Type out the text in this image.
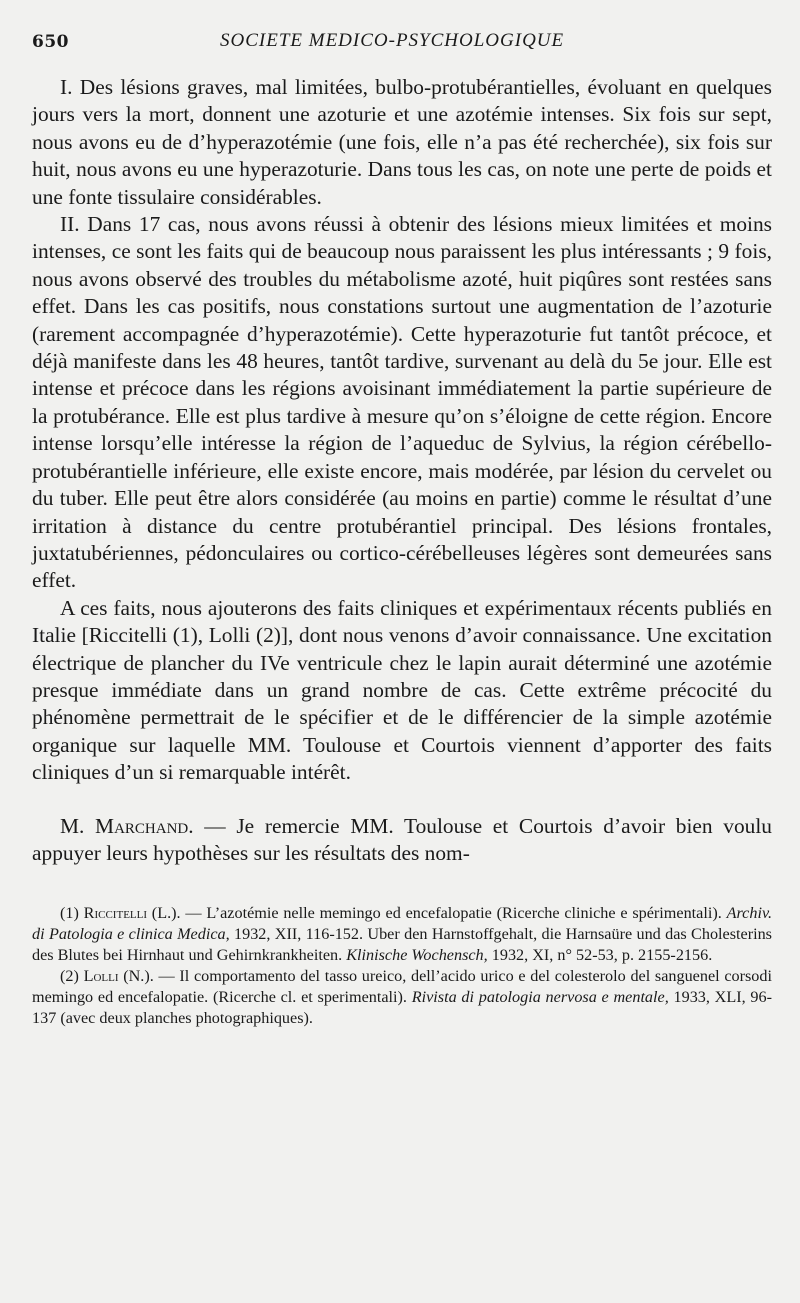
650	SOCIETE MEDICO-PSYCHOLOGIQUE

I. Des lésions graves, mal limitées, bulbo-protubérantielles, évoluant en quelques jours vers la mort, donnent une azoturie et une azotémie intenses. Six fois sur sept, nous avons eu de d’hyperazotémie (une fois, elle n’a pas été recherchée), six fois sur huit, nous avons eu une hyperazoturie. Dans tous les cas, on note une perte de poids et une fonte tissulaire considérables.

II. Dans 17 cas, nous avons réussi à obtenir des lésions mieux limitées et moins intenses, ce sont les faits qui de beaucoup nous paraissent les plus intéressants ; 9 fois, nous avons observé des troubles du métabolisme azoté, huit piqûres sont restées sans effet. Dans les cas positifs, nous constations surtout une augmentation de l’azoturie (rarement accompagnée d’hyperazotémie). Cette hyperazoturie fut tantôt précoce, et déjà manifeste dans les 48 heures, tantôt tardive, survenant au delà du 5e jour. Elle est intense et précoce dans les régions avoisinant immédiatement la partie supérieure de la protubérance. Elle est plus tardive à mesure qu’on s’éloigne de cette région. Encore intense lorsqu’elle intéresse la région de l’aqueduc de Sylvius, la région cérébello-protubérantielle inférieure, elle existe encore, mais modérée, par lésion du cervelet ou du tuber. Elle peut être alors considérée (au moins en partie) comme le résultat d’une irritation à distance du centre protubérantiel principal. Des lésions frontales, juxtatubériennes, pédonculaires ou cortico-cérébelleuses légères sont demeurées sans effet.

A ces faits, nous ajouterons des faits cliniques et expérimentaux récents publiés en Italie [Riccitelli (1), Lolli (2)], dont nous venons d’avoir connaissance. Une excitation électrique de plancher du IVe ventricule chez le lapin aurait déterminé une azotémie presque immédiate dans un grand nombre de cas. Cette extrême précocité du phénomène permettrait de le spécifier et de le différencier de la simple azotémie organique sur laquelle MM. Toulouse et Courtois viennent d’apporter des faits cliniques d’un si remarquable intérêt.

M. Marchand. — Je remercie MM. Toulouse et Courtois d’avoir bien voulu appuyer leurs hypothèses sur les résultats des nom-

(1) Riccitelli (L.). — L’azotémie nelle memingo ed encefalopatie (Ricerche cliniche e spérimentali). Archiv. di Patologia e clinica Medica, 1932, XII, 116-152. Uber den Harnstoffgehalt, die Harnsaüre und das Cholesterins des Blutes bei Hirnhaut und Gehirnkrankheiten. Klinische Wochensch, 1932, XI, n° 52-53, p. 2155-2156.

(2) Lolli (N.). — Il comportamento del tasso ureico, dell’acido urico e del colesterolo del sanguenel corsodi memingo ed encefalopatie. (Ricerche cl. et sperimentali). Rivista di patologia nervosa e mentale, 1933, XLI, 96-137 (avec deux planches photographiques).
